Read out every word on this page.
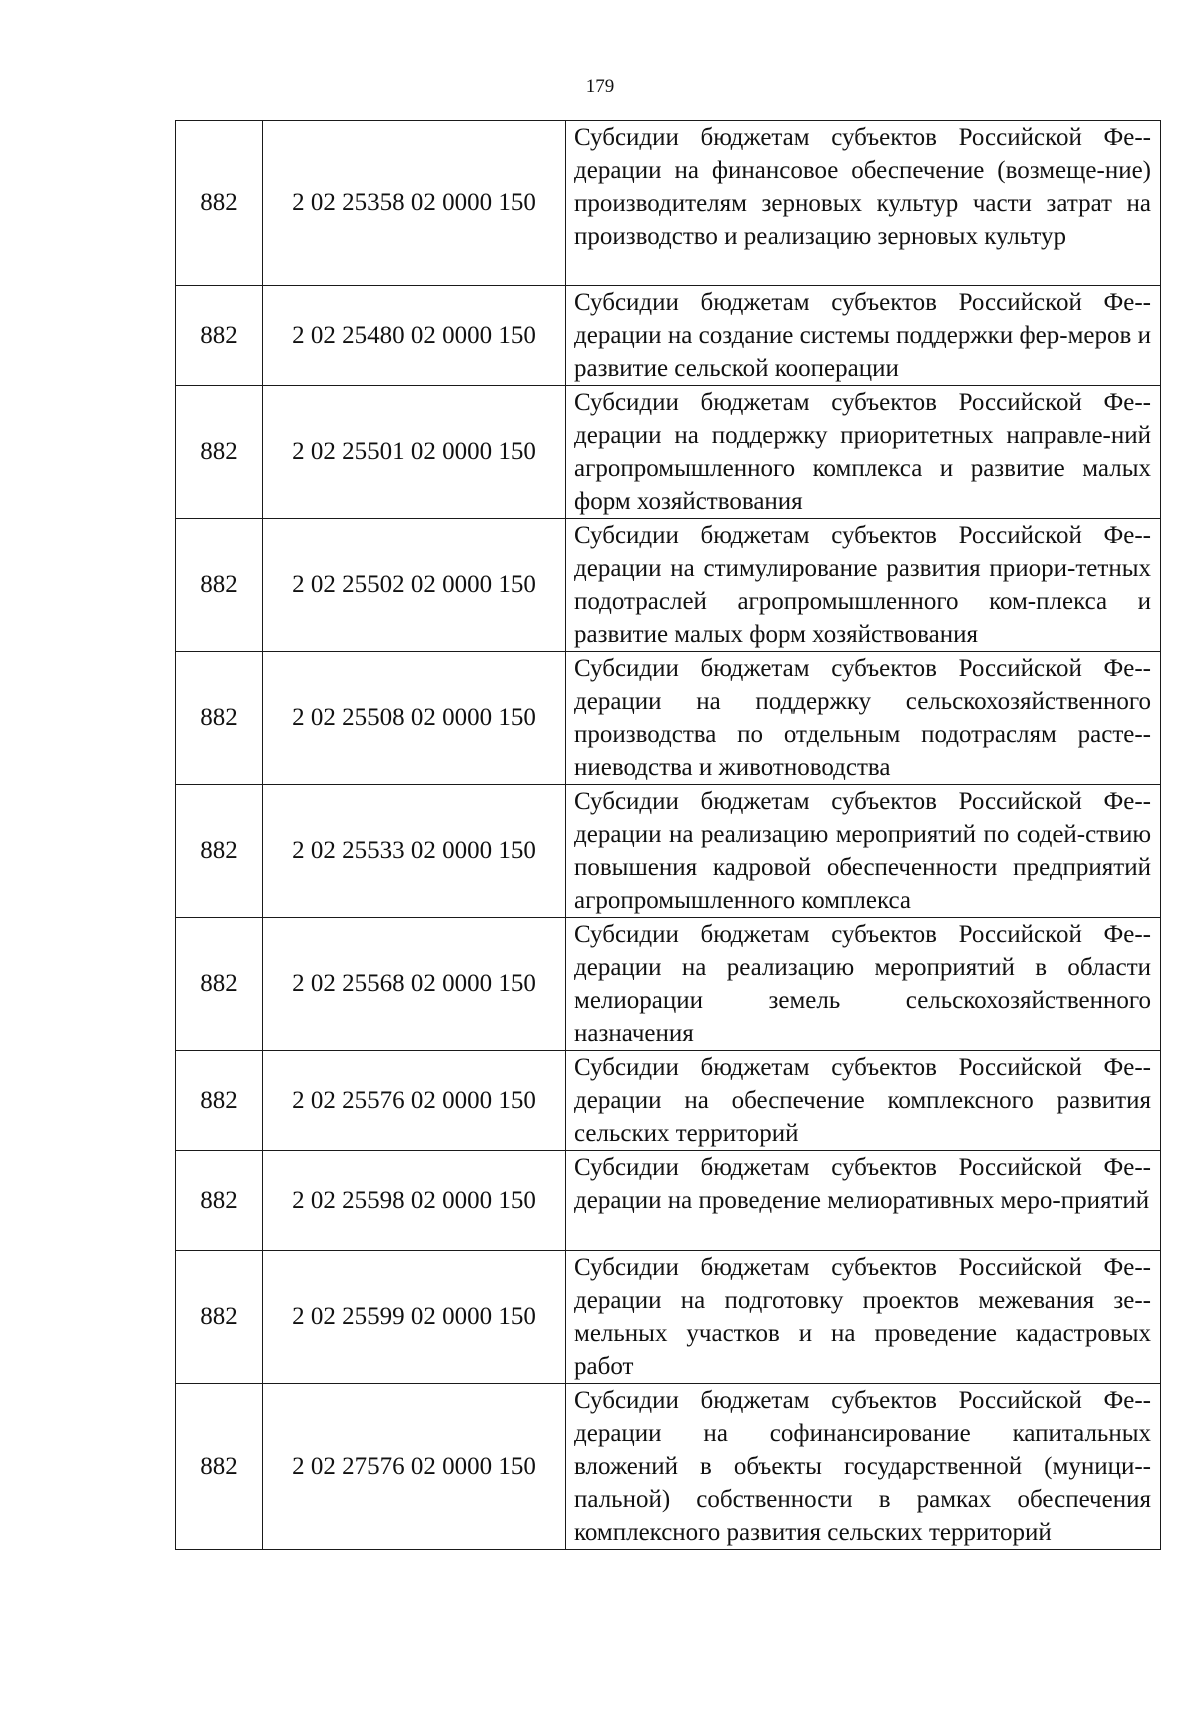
179
882	2 02 25358 02 0000 150	Субсидии бюджетам субъектов Российской Фе-дерации на финансовое обеспечение (возмеще-ние) производителям зерновых культур части затрат на производство и реализацию зерновых культур

882	2 02 25480 02 0000 150	Субсидии бюджетам субъектов Российской Фе-дерации на создание системы поддержки фер-меров и развитие сельской кооперации

882	2 02 25501 02 0000 150	Субсидии бюджетам субъектов Российской Фе-дерации на поддержку приоритетных направле-ний агропромышленного комплекса и развитие малых форм хозяйствования

882	2 02 25502 02 0000 150	Субсидии бюджетам субъектов Российской Фе-дерации на стимулирование развития приори-тетных подотраслей агропромышленного ком-плекса и развитие малых форм хозяйствования

882	2 02 25508 02 0000 150	Субсидии бюджетам субъектов Российской Фе-дерации на поддержку сельскохозяйственного производства по отдельным подотраслям расте-ниеводства и животноводства

882	2 02 25533 02 0000 150	Субсидии бюджетам субъектов Российской Фе-дерации на реализацию мероприятий по содей-ствию повышения кадровой обеспеченности предприятий агропромышленного комплекса

882	2 02 25568 02 0000 150	Субсидии бюджетам субъектов Российской Фе-дерации на реализацию мероприятий в области мелиорации земель сельскохозяйственного назначения

882	2 02 25576 02 0000 150	Субсидии бюджетам субъектов Российской Фе-дерации на обеспечение комплексного развития сельских территорий

882	2 02 25598 02 0000 150	Субсидии бюджетам субъектов Российской Фе-дерации на проведение мелиоративных меро-приятий

882	2 02 25599 02 0000 150	Субсидии бюджетам субъектов Российской Фе-дерации на подготовку проектов межевания зе-мельных участков и на проведение кадастровых работ

882	2 02 27576 02 0000 150	Субсидии бюджетам субъектов Российской Фе-дерации на софинансирование капитальных вложений в объекты государственной (муници-пальной) собственности в рамках обеспечения комплексного развития сельских территорий
